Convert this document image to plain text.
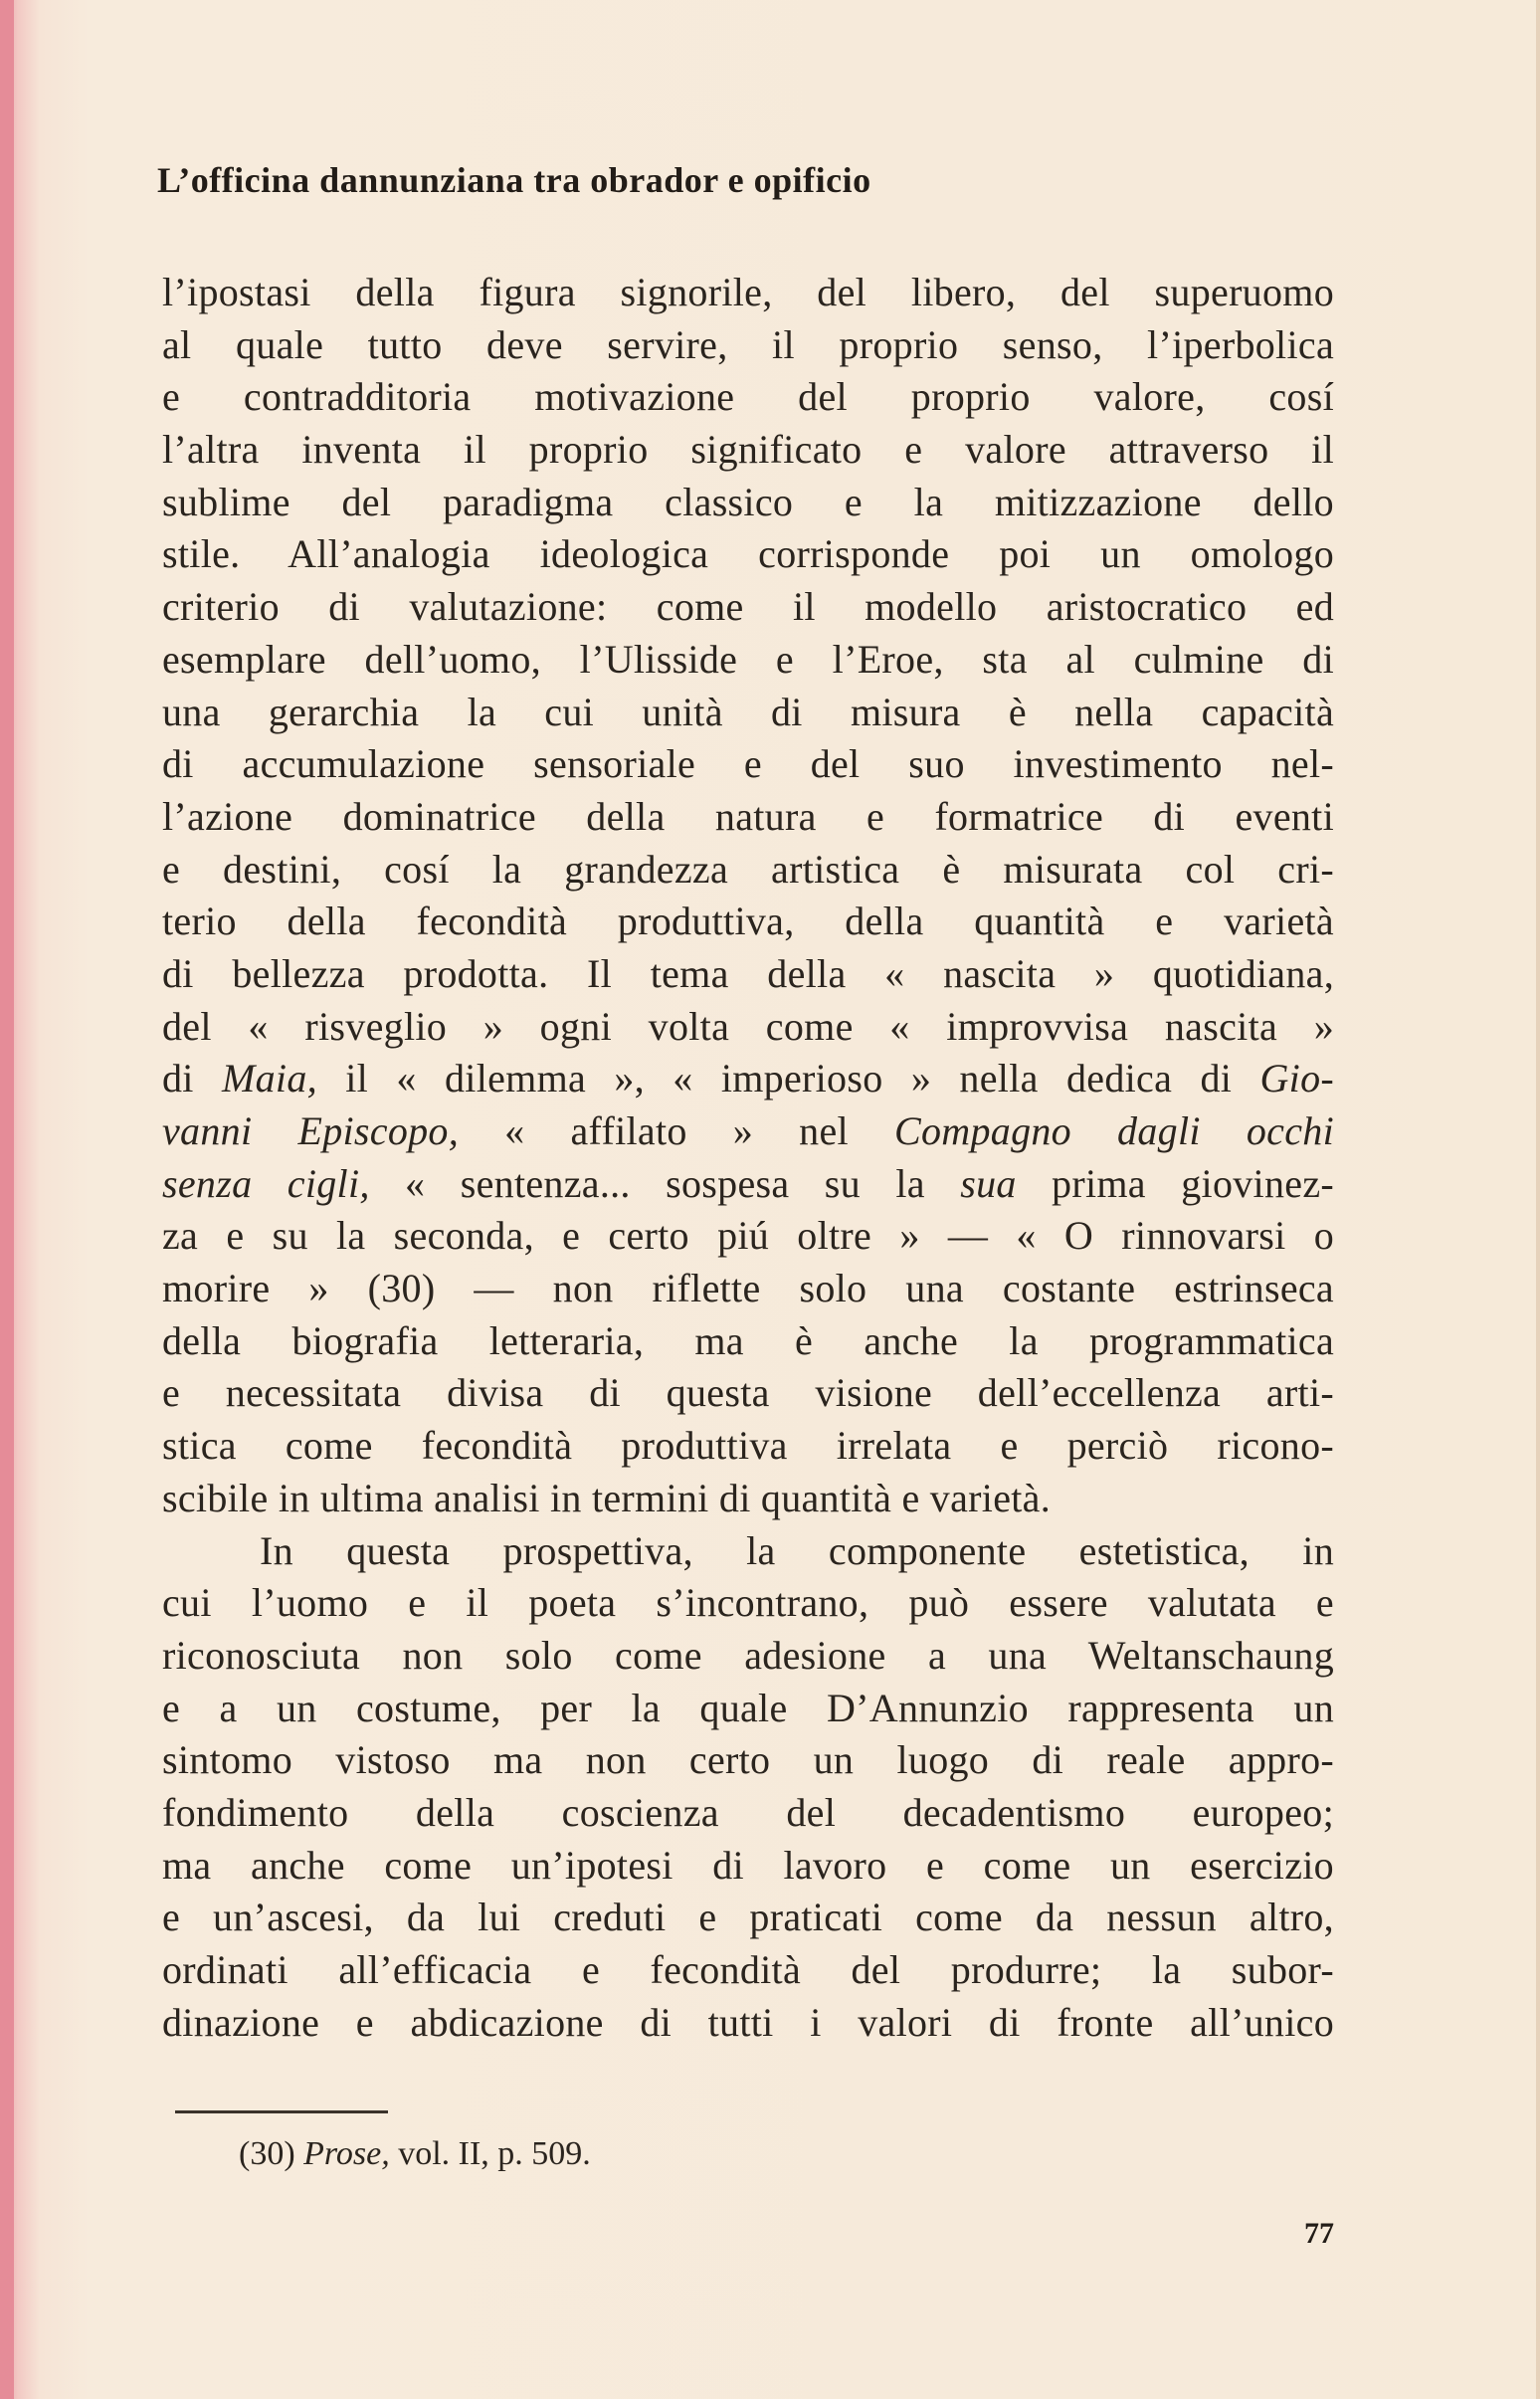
L’officina dannunziana tra obrador e opificio
l’ipostasi della figura signorile, del libero, del superuomo
al quale tutto deve servire, il proprio senso, l’iperbolica
e contradditoria motivazione del proprio valore, cosí
l’altra inventa il proprio significato e valore attraverso il
sublime del paradigma classico e la mitizzazione dello
stile. All’analogia ideologica corrisponde poi un omologo
criterio di valutazione: come il modello aristocratico ed
esemplare dell’uomo, l’Ulisside e l’Eroe, sta al culmine di
una gerarchia la cui unità di misura è nella capacità
di accumulazione sensoriale e del suo investimento nel-
l’azione dominatrice della natura e formatrice di eventi
e destini, cosí la grandezza artistica è misurata col cri-
terio della fecondità produttiva, della quantità e varietà
di bellezza prodotta. Il tema della « nascita » quotidiana,
del « risveglio » ogni volta come « improvvisa nascita »
di Maia, il « dilemma », « imperioso » nella dedica di Gio-
vanni Episcopo, « affilato » nel Compagno dagli occhi
senza cigli, « sentenza... sospesa su la sua prima giovinez-
za e su la seconda, e certo piú oltre » — « O rinnovarsi o
morire » (30) — non riflette solo una costante estrinseca
della biografia letteraria, ma è anche la programmatica
e necessitata divisa di questa visione dell’eccellenza arti-
stica come fecondità produttiva irrelata e perciò ricono-
scibile in ultima analisi in termini di quantità e varietà.
In questa prospettiva, la componente estetistica, in
cui l’uomo e il poeta s’incontrano, può essere valutata e
riconosciuta non solo come adesione a una Weltanschaung
e a un costume, per la quale D’Annunzio rappresenta un
sintomo vistoso ma non certo un luogo di reale appro-
fondimento della coscienza del decadentismo europeo;
ma anche come un’ipotesi di lavoro e come un esercizio
e un’ascesi, da lui creduti e praticati come da nessun altro,
ordinati all’efficacia e fecondità del produrre; la subor-
dinazione e abdicazione di tutti i valori di fronte all’unico
(30) Prose, vol. II, p. 509.
77
